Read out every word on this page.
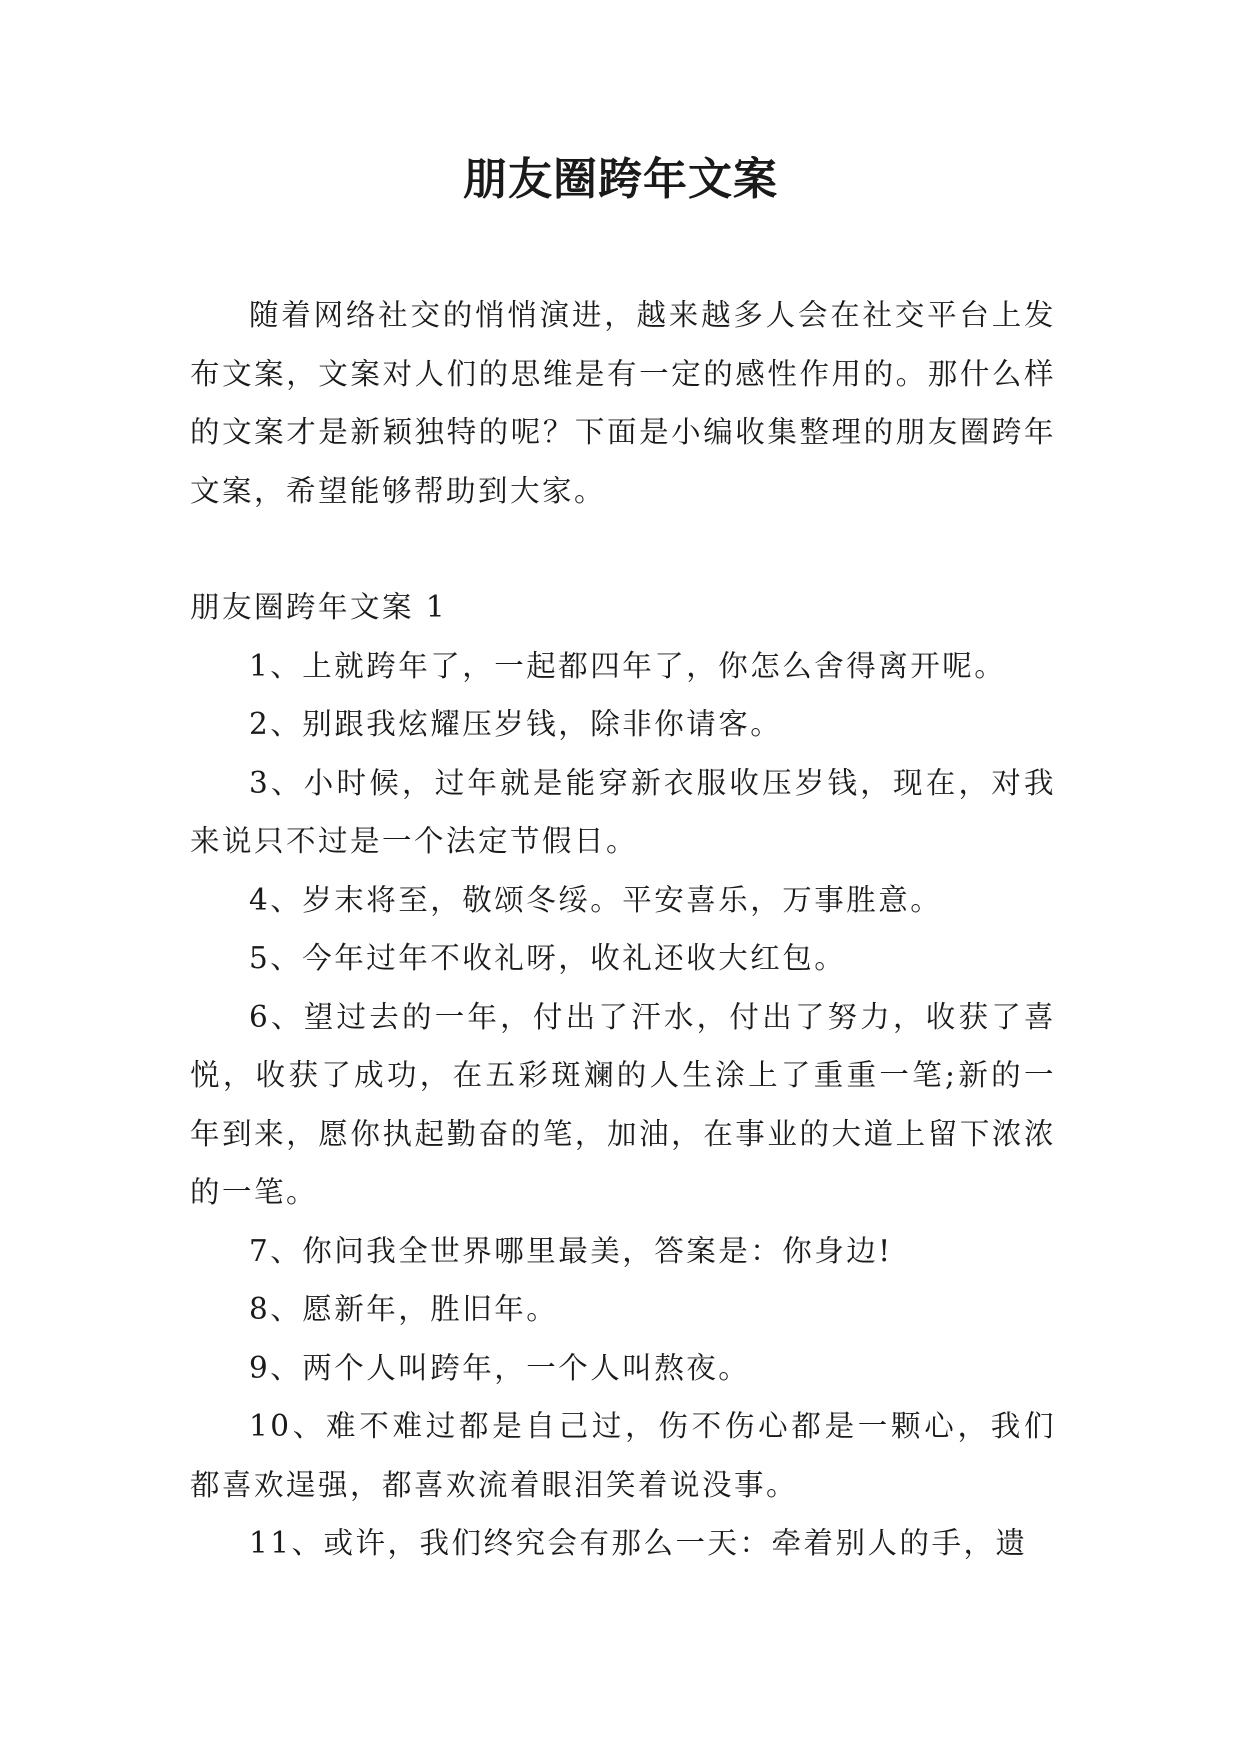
朋友圈跨年文案

随着网络社交的悄悄演进，越来越多人会在社交平台上发布文案，文案对人们的思维是有一定的感性作用的。那什么样的文案才是新颖独特的呢？下面是小编收集整理的朋友圈跨年文案，希望能够帮助到大家。

朋友圈跨年文案 1

1、上就跨年了，一起都四年了，你怎么舍得离开呢。

2、别跟我炫耀压岁钱，除非你请客。

3、小时候，过年就是能穿新衣服收压岁钱，现在，对我来说只不过是一个法定节假日。

4、岁末将至，敬颂冬绥。平安喜乐，万事胜意。

5、今年过年不收礼呀，收礼还收大红包。

6、望过去的一年，付出了汗水，付出了努力，收获了喜悦，收获了成功，在五彩斑斓的人生涂上了重重一笔;新的一年到来，愿你执起勤奋的笔，加油，在事业的大道上留下浓浓的一笔。

7、你问我全世界哪里最美，答案是：你身边!

8、愿新年，胜旧年。

9、两个人叫跨年，一个人叫熬夜。

10、难不难过都是自己过，伤不伤心都是一颗心，我们都喜欢逞强，都喜欢流着眼泪笑着说没事。

11、或许，我们终究会有那么一天：牵着别人的手，遗
